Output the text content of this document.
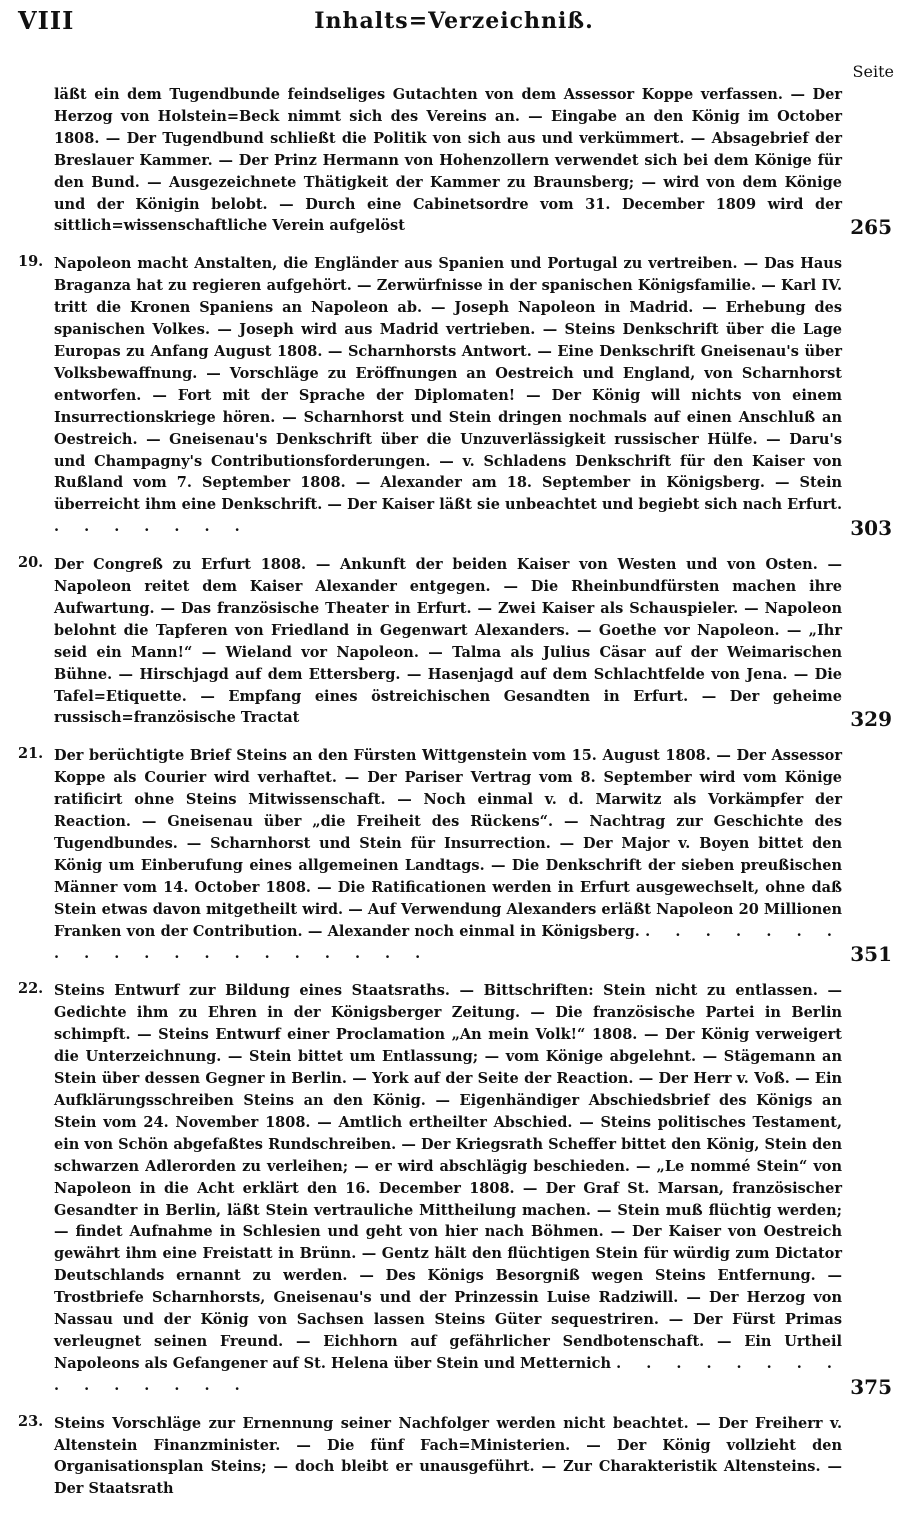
VIII	Inhalts=Verzeichniß.
Seite
läßt ein dem Tugendbunde feindseliges Gutachten von dem Assessor Koppe verfassen. — Der Herzog von Holstein=Beck nimmt sich des Vereins an. — Eingabe an den König im October 1808. — Der Tugendbund schließt die Politik von sich aus und verkümmert. — Absagebrief der Breslauer Kammer. — Der Prinz Hermann von Hohenzollern verwendet sich bei dem Könige für den Bund. — Ausgezeichnete Thätigkeit der Kammer zu Braunsberg; — wird von dem Könige und der Königin belobt. — Durch eine Cabinetsordre vom 31. December 1809 wird der sittlich=wissenschaftliche Verein aufgelöst	265
19. Napoleon macht Anstalten, die Engländer aus Spanien und Portugal zu vertreiben. — Das Haus Braganza hat zu regieren aufgehört. — Zerwürfnisse in der spanischen Königsfamilie. — Karl IV. tritt die Kronen Spaniens an Napoleon ab. — Joseph Napoleon in Madrid. — Erhebung des spanischen Volkes. — Joseph wird aus Madrid vertrieben. — Steins Denkschrift über die Lage Europas zu Anfang August 1808. — Scharnhorsts Antwort. — Eine Denkschrift Gneisenau's über Volksbewaffnung. — Vorschläge zu Eröffnungen an Oestreich und England, von Scharnhorst entworfen. — Fort mit der Sprache der Diplomaten! — Der König will nichts von einem Insurrectionskriege hören. — Scharnhorst und Stein dringen nochmals auf einen Anschluß an Oestreich. — Gneisenau's Denkschrift über die Unzuverlässigkeit russischer Hülfe. — Daru's und Champagny's Contributionsforderungen. — v. Schladens Denkschrift für den Kaiser von Rußland vom 7. September 1808. — Alexander am 18. September in Königsberg. — Stein überreicht ihm eine Denkschrift. — Der Kaiser läßt sie unbeachtet und begiebt sich nach Erfurt. . . . . . . .	303
20. Der Congreß zu Erfurt 1808. — Ankunft der beiden Kaiser von Westen und von Osten. — Napoleon reitet dem Kaiser Alexander entgegen. — Die Rheinbundfürsten machen ihre Aufwartung. — Das französische Theater in Erfurt. — Zwei Kaiser als Schauspieler. — Napoleon belohnt die Tapferen von Friedland in Gegenwart Alexanders. — Goethe vor Napoleon. — „Ihr seid ein Mann!“ — Wieland vor Napoleon. — Talma als Julius Cäsar auf der Weimarischen Bühne. — Hirschjagd auf dem Ettersberg. — Hasenjagd auf dem Schlachtfelde von Jena. — Die Tafel=Etiquette. — Empfang eines östreichischen Gesandten in Erfurt. — Der geheime russisch=französische Tractat	329
21. Der berüchtigte Brief Steins an den Fürsten Wittgenstein vom 15. August 1808. — Der Assessor Koppe als Courier wird verhaftet. — Der Pariser Vertrag vom 8. September wird vom Könige ratificirt ohne Steins Mitwissenschaft. — Noch einmal v. d. Marwitz als Vorkämpfer der Reaction. — Gneisenau über „die Freiheit des Rückens“. — Nachtrag zur Geschichte des Tugendbundes. — Scharnhorst und Stein für Insurrection. — Der Major v. Boyen bittet den König um Einberufung eines allgemeinen Landtags. — Die Denkschrift der sieben preußischen Männer vom 14. October 1808. — Die Ratificationen werden in Erfurt ausgewechselt, ohne daß Stein etwas davon mitgetheilt wird. — Auf Verwendung Alexanders erläßt Napoleon 20 Millionen Franken von der Contribution. — Alexander noch einmal in Königsberg. . . . . . . . . . . . . . . . . . . . .	351
22. Steins Entwurf zur Bildung eines Staatsraths. — Bittschriften: Stein nicht zu entlassen. — Gedichte ihm zu Ehren in der Königsberger Zeitung. — Die französische Partei in Berlin schimpft. — Steins Entwurf einer Proclamation „An mein Volk!“ 1808. — Der König verweigert die Unterzeichnung. — Stein bittet um Entlassung; — vom Könige abgelehnt. — Stägemann an Stein über dessen Gegner in Berlin. — York auf der Seite der Reaction. — Der Herr v. Voß. — Ein Aufklärungsschreiben Steins an den König. — Eigenhändiger Abschiedsbrief des Königs an Stein vom 24. November 1808. — Amtlich ertheilter Abschied. — Steins politisches Testament, ein von Schön abgefaßtes Rundschreiben. — Der Kriegsrath Scheffer bittet den König, Stein den schwarzen Adlerorden zu verleihen; — er wird abschlägig beschieden. — „Le nommé Stein“ von Napoleon in die Acht erklärt den 16. December 1808. — Der Graf St. Marsan, französischer Gesandter in Berlin, läßt Stein vertrauliche Mittheilung machen. — Stein muß flüchtig werden; — findet Aufnahme in Schlesien und geht von hier nach Böhmen. — Der Kaiser von Oestreich gewährt ihm eine Freistatt in Brünn. — Gentz hält den flüchtigen Stein für würdig zum Dictator Deutschlands ernannt zu werden. — Des Königs Besorgniß wegen Steins Entfernung. — Trostbriefe Scharnhorsts, Gneisenau's und der Prinzessin Luise Radziwill. — Der Herzog von Nassau und der König von Sachsen lassen Steins Güter sequestriren. — Der Fürst Primas verleugnet seinen Freund. — Eichhorn auf gefährlicher Sendbotenschaft. — Ein Urtheil Napoleons als Gefangener auf St. Helena über Stein und Metternich . . . . . . . . . . . . . . .	375
23. Steins Vorschläge zur Ernennung seiner Nachfolger werden nicht beachtet. — Der Freiherr v. Altenstein Finanzminister. — Die fünf Fach=Ministerien. — Der König vollzieht den Organisationsplan Steins; — doch bleibt er unausgeführt. — Zur Charakteristik Altensteins. — Der Staatsrath
